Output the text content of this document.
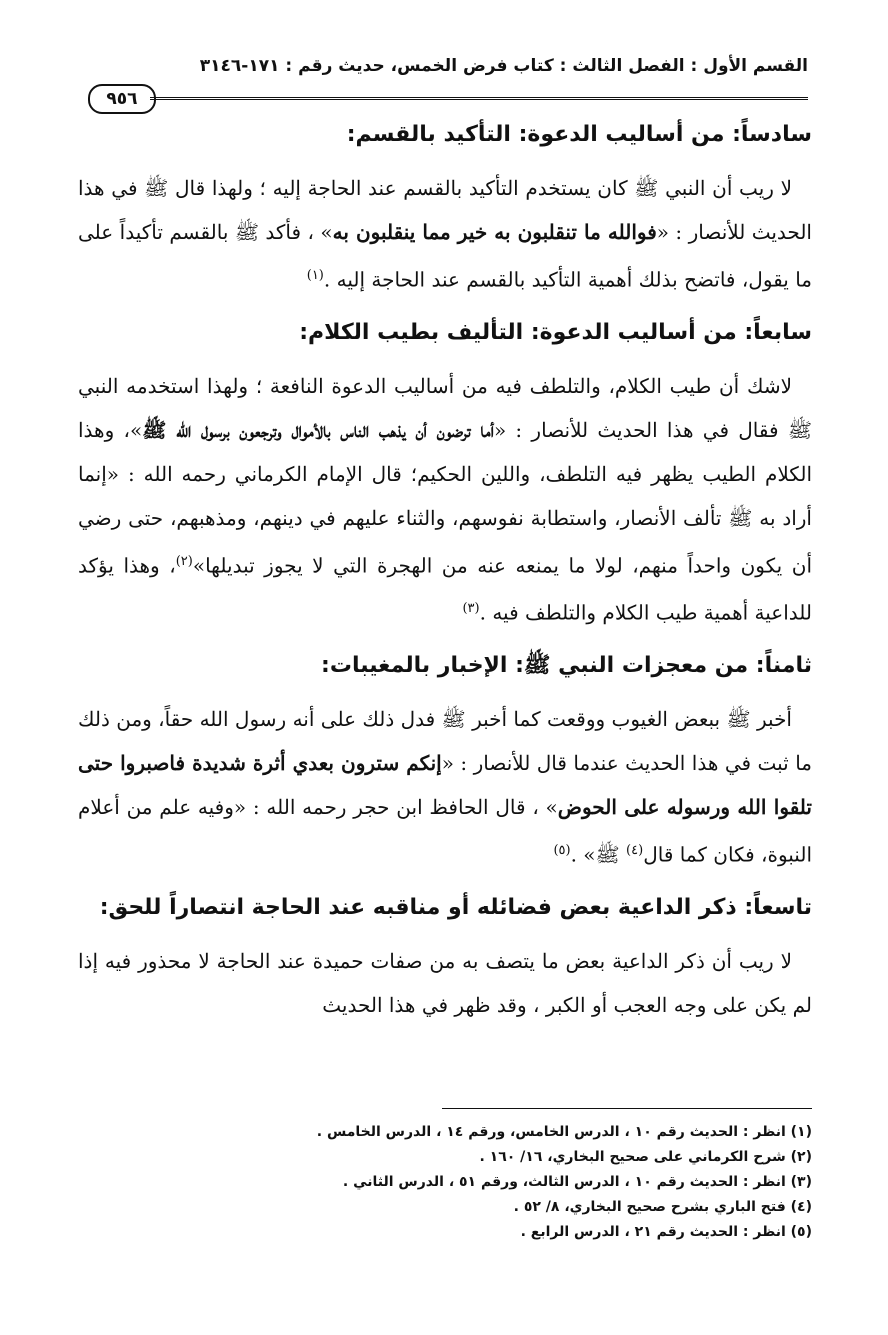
القسم الأول : الفصل الثالث : كتاب فرض الخمس، حديث رقم : ١٧١-٣١٤٦
٩٥٦
سادساً: من أساليب الدعوة: التأكيد بالقسم:

لا ريب أن النبي ﷺ كان يستخدم التأكيد بالقسم عند الحاجة إليه ؛ ولهذا قال ﷺ في هذا الحديث للأنصار : «فوالله ما تنقلبون به خير مما ينقلبون به» ، فأكد ﷺ بالقسم تأكيداً على ما يقول، فاتضح بذلك أهمية التأكيد بالقسم عند الحاجة إليه .$^{(١)}$

سابعاً: من أساليب الدعوة: التأليف بطيب الكلام:

لاشك أن طيب الكلام، والتلطف فيه من أساليب الدعوة النافعة ؛ ولهذا استخدمه النبي ﷺ فقال في هذا الحديث للأنصار : «أما ترضون أن يذهب الناس بالأموال وترجعون برسول الله ﷺ»، وهذا الكلام الطيب يظهر فيه التلطف، واللين الحكيم؛ قال الإمام الكرماني رحمه الله : «إنما أراد به ﷺ تألف الأنصار، واستطابة نفوسهم، والثناء عليهم في دينهم، ومذهبهم، حتى رضي أن يكون واحداً منهم، لولا ما يمنعه عنه من الهجرة التي لا يجوز تبديلها»$^{(٢)}$، وهذا يؤكد للداعية أهمية طيب الكلام والتلطف فيه .$^{(٣)}$

ثامناً: من معجزات النبي ﷺ: الإخبار بالمغيبات:

أخبر ﷺ ببعض الغيوب ووقعت كما أخبر ﷺ فدل ذلك على أنه رسول الله حقاً، ومن ذلك ما ثبت في هذا الحديث عندما قال للأنصار : «إنكم سترون بعدي أثرة شديدة فاصبروا حتى تلقوا الله ورسوله على الحوض» ، قال الحافظ ابن حجر رحمه الله : «وفيه علم من أعلام النبوة، فكان كما قال$^{(٤)}$ ﷺ» .$^{(٥)}$

تاسعاً: ذكر الداعية بعض فضائله أو مناقبه عند الحاجة انتصاراً للحق:

لا ريب أن ذكر الداعية بعض ما يتصف به من صفات حميدة عند الحاجة لا محذور فيه إذا لم يكن على وجه العجب أو الكبر ، وقد ظهر في هذا الحديث

(١) انظر : الحديث رقم ١٠ ، الدرس الخامس، ورقم ١٤ ، الدرس الخامس .

(٢) شرح الكرماني على صحيح البخاري، ١٦/ ١٦٠ .

(٣) انظر : الحديث رقم ١٠ ، الدرس الثالث، ورقم ٥١ ، الدرس الثاني .

(٤) فتح الباري بشرح صحيح البخاري، ٨/ ٥٢ .

(٥) انظر : الحديث رقم ٢١ ، الدرس الرابع .
